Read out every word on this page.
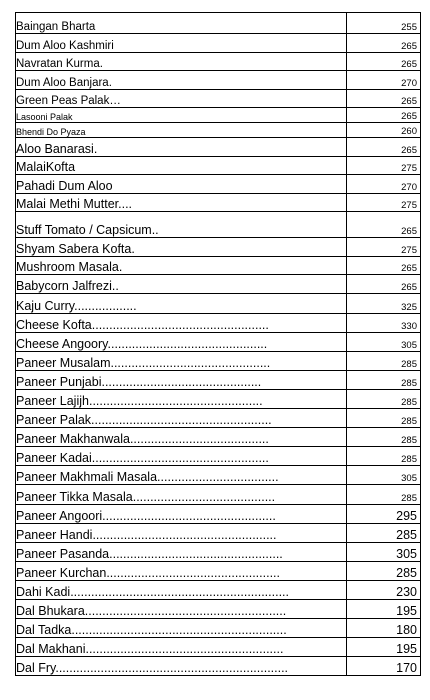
Baingan Bharta	255
Dum Aloo Kashmiri	265
Navratan Kurma.	265
Dum Aloo Banjara.	270
Green Peas Palak…	265
Lasooni Palak	265
Bhendi Do Pyaza	260
Aloo Banarasi.	265
MalaiKofta	275
Pahadi Dum Aloo	270
Malai Methi Mutter....	275
Stuff Tomato / Capsicum..	265
Shyam Sabera Kofta.	275
Mushroom Masala.	265
Babycorn Jalfrezi..	265
Kaju Curry..................	325
Cheese Kofta...................................................	330
Cheese Angoory..............................................	305
Paneer Musalam..............................................	285
Paneer Punjabi..............................................	285
Paneer Lajijh..................................................	285
Paneer Palak....................................................	285
Paneer Makhanwala........................................	285
Paneer Kadai...................................................	285
Paneer Makhmali Masala...................................	305
Paneer Tikka Masala.........................................	285
Paneer Angoori..................................................	295
Paneer Handi.....................................................	285
Paneer Pasanda..................................................	305
Paneer Kurchan..................................................	285
Dahi Kadi...............................................................	230
Dal Bhukara..........................................................	195
Dal Tadka..............................................................	180
Dal Makhani.........................................................	195
Dal Fry...................................................................	170
